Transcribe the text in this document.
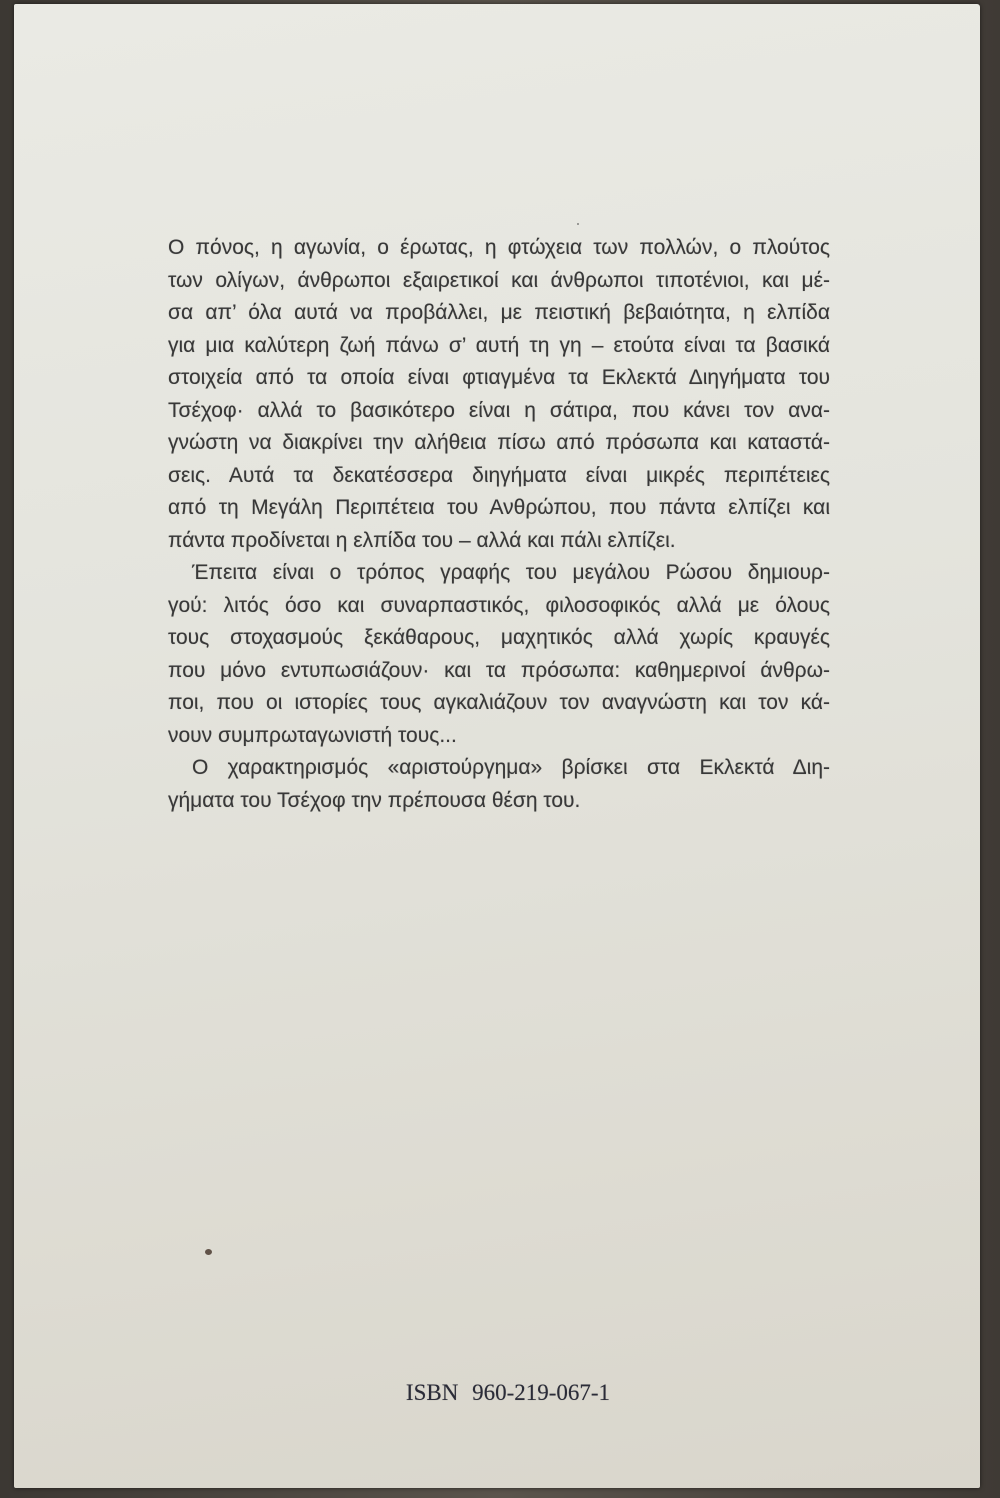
Ο πόνος, η αγωνία, ο έρωτας, η φτώχεια των πολλών, ο πλούτος
των ολίγων, άνθρωποι εξαιρετικοί και άνθρωποι τιποτένιοι, και μέ-
σα απ’ όλα αυτά να προβάλλει, με πειστική βεβαιότητα, η ελπίδα
για μια καλύτερη ζωή πάνω σ’ αυτή τη γη – ετούτα είναι τα βασικά
στοιχεία από τα οποία είναι φτιαγμένα τα Εκλεκτά Διηγήματα του
Τσέχοφ· αλλά το βασικότερο είναι η σάτιρα, που κάνει τον ανα-
γνώστη να διακρίνει την αλήθεια πίσω από πρόσωπα και καταστά-
σεις. Αυτά τα δεκατέσσερα διηγήματα είναι μικρές περιπέτειες
από τη Μεγάλη Περιπέτεια του Ανθρώπου, που πάντα ελπίζει και
πάντα προδίνεται η ελπίδα του – αλλά και πάλι ελπίζει.
Έπειτα είναι ο τρόπος γραφής του μεγάλου Ρώσου δημιουρ-
γού: λιτός όσο και συναρπαστικός, φιλοσοφικός αλλά με όλους
τους στοχασμούς ξεκάθαρους, μαχητικός αλλά χωρίς κραυγές
που μόνο εντυπωσιάζουν· και τα πρόσωπα: καθημερινοί άνθρω-
ποι, που οι ιστορίες τους αγκαλιάζουν τον αναγνώστη και τον κά-
νουν συμπρωταγωνιστή τους...
Ο χαρακτηρισμός «αριστούργημα» βρίσκει στα Εκλεκτά Διη-
γήματα του Τσέχοφ την πρέπουσα θέση του.
ISBN 960-219-067-1
